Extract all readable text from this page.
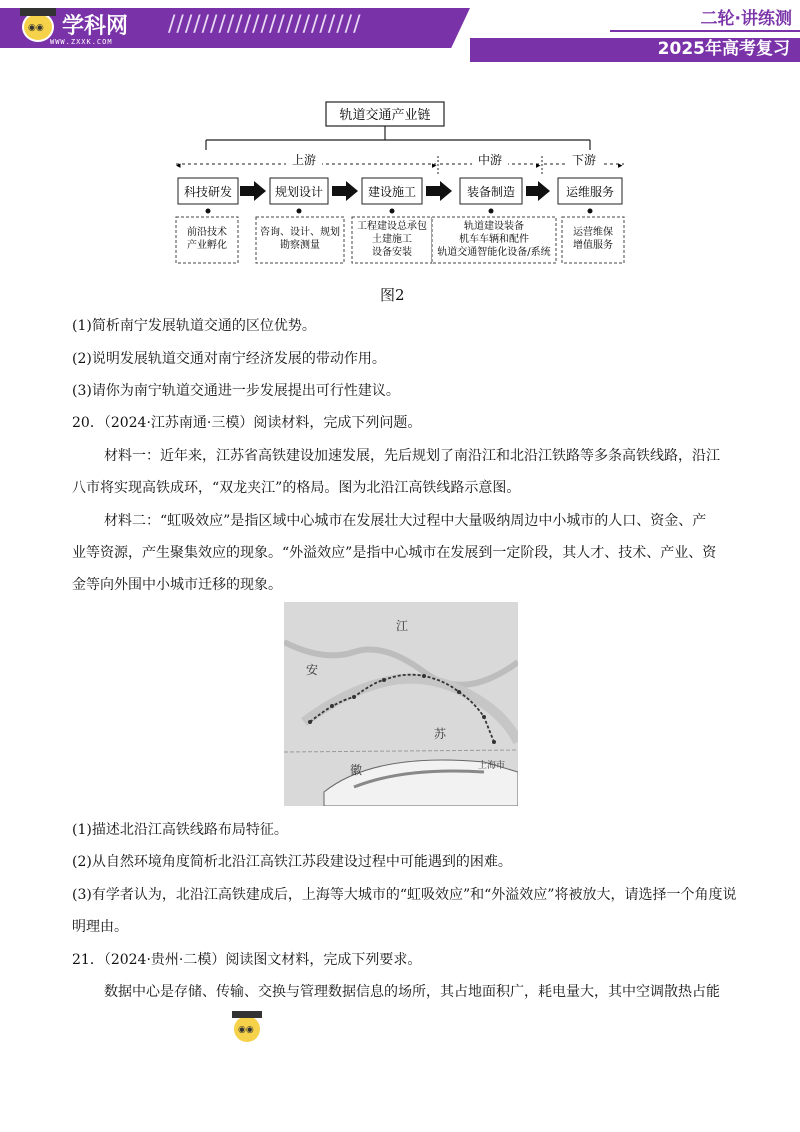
◉◉ 学科网
WWW.ZXXK.COM
///////////////////////	二轮·讲练测
2025年高考复习
轨道交通产业链
◂	▸	▸	▸
上游	中游	下游
科技研发
前沿技术
产业孵化
规划设计
咨询、设计、规划
勘察测量
建设施工
工程建设总承包
土建施工
设备安装
装备制造
轨道建设装备
机车车辆和配件
轨道交通智能化设备/系统
运维服务
运营维保
增值服务
图2
(1)简析南宁发展轨道交通的区位优势。
(2)说明发展轨道交通对南宁经济发展的带动作用。
(3)请你为南宁轨道交通进一步发展提出可行性建议。
20．（2024·江苏南通·三模）阅读材料，完成下列问题。
材料一：近年来，江苏省高铁建设加速发展，先后规划了南沿江和北沿江铁路等多条高铁线路，沿江
八市将实现高铁成环，“双龙夹江”的格局。图为北沿江高铁线路示意图。
材料二：“虹吸效应”是指区域中心城市在发展壮大过程中大量吸纳周边中小城市的人口、资金、产
业等资源，产生聚集效应的现象。“外溢效应”是指中心城市在发展到一定阶段，其人才、技术、产业、资
金等向外围中小城市迁移的现象。
江
安
苏
徽	上海市
(1)描述北沿江高铁线路布局特征。
(2)从自然环境角度简析北沿江高铁江苏段建设过程中可能遇到的困难。
(3)有学者认为，北沿江高铁建成后，上海等大城市的“虹吸效应”和“外溢效应”将被放大，请选择一个角度说
明理由。
21．（2024·贵州·二模）阅读图文材料，完成下列要求。
数据中心是存储、传输、交换与管理数据信息的场所，其占地面积广，耗电量大，其中空调散热占能
◉◉
